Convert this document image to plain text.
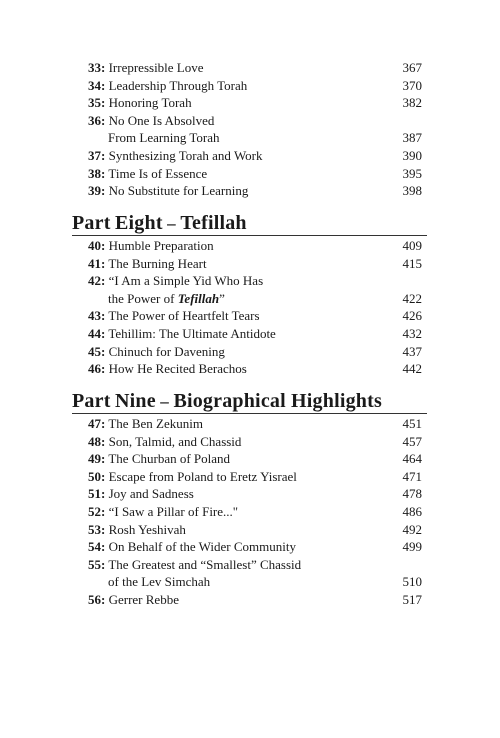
33: Irrepressible Love	367
34: Leadership Through Torah	370
35: Honoring Torah	382
36: No One Is Absolved
From Learning Torah	387
37: Synthesizing Torah and Work	390
38: Time Is of Essence	395
39: No Substitute for Learning	398
Part Eight – Tefillah
40: Humble Preparation	409
41: The Burning Heart	415
42: “I Am a Simple Yid Who Has
the Power of Tefillah”	422
43: The Power of Heartfelt Tears	426
44: Tehillim: The Ultimate Antidote	432
45: Chinuch for Davening	437
46: How He Recited Berachos	442
Part Nine – Biographical Highlights
47: The Ben Zekunim	451
48: Son, Talmid, and Chassid	457
49: The Churban of Poland	464
50: Escape from Poland to Eretz Yisrael	471
51: Joy and Sadness	478
52: “I Saw a Pillar of Fire..."	486
53: Rosh Yeshivah	492
54: On Behalf of the Wider Community	499
55: The Greatest and “Smallest” Chassid
of the Lev Simchah	510
56: Gerrer Rebbe	517
